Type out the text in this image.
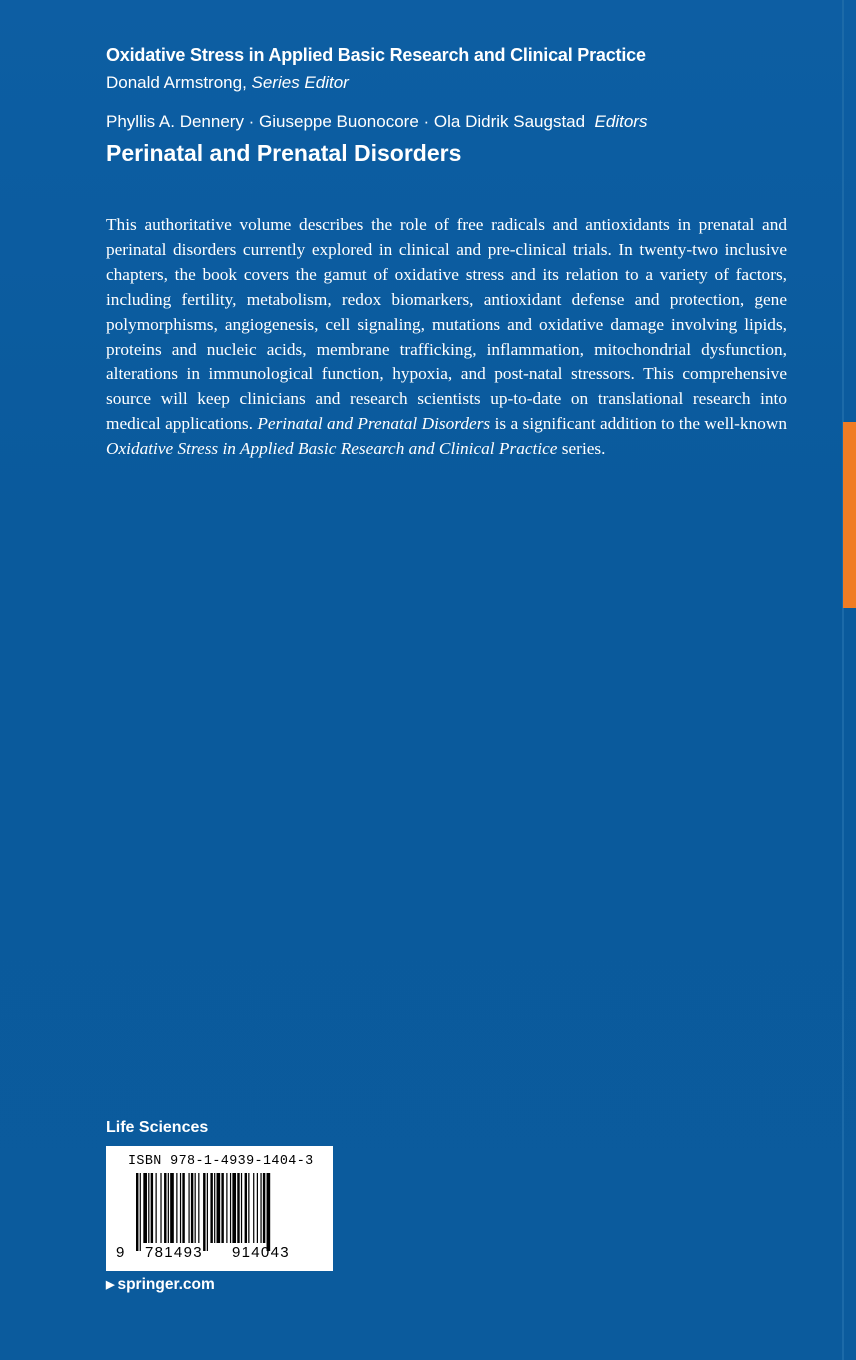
Oxidative Stress in Applied Basic Research and Clinical Practice
Donald Armstrong, Series Editor
Phyllis A. Dennery · Giuseppe Buonocore · Ola Didrik Saugstad Editors
Perinatal and Prenatal Disorders

This authoritative volume describes the role of free radicals and antioxidants in prenatal and perinatal disorders currently explored in clinical and pre-clinical trials. In twenty-two inclusive chapters, the book covers the gamut of oxidative stress and its relation to a variety of factors, including fertility, metabolism, redox biomarkers, antioxidant defense and protection, gene polymorphisms, angiogenesis, cell signaling, mutations and oxidative damage involving lipids, proteins and nucleic acids, membrane trafficking, inflammation, mitochondrial dysfunction, alterations in immunological function, hypoxia, and post-natal stressors. This comprehensive source will keep clinicians and research scientists up-to-date on translational research into medical applications. Perinatal and Prenatal Disorders is a significant addition to the well-known Oxidative Stress in Applied Basic Research and Clinical Practice series.

Life Sciences
ISBN 978-1-4939-1404-3
9 781493 914043
▶ springer.com
